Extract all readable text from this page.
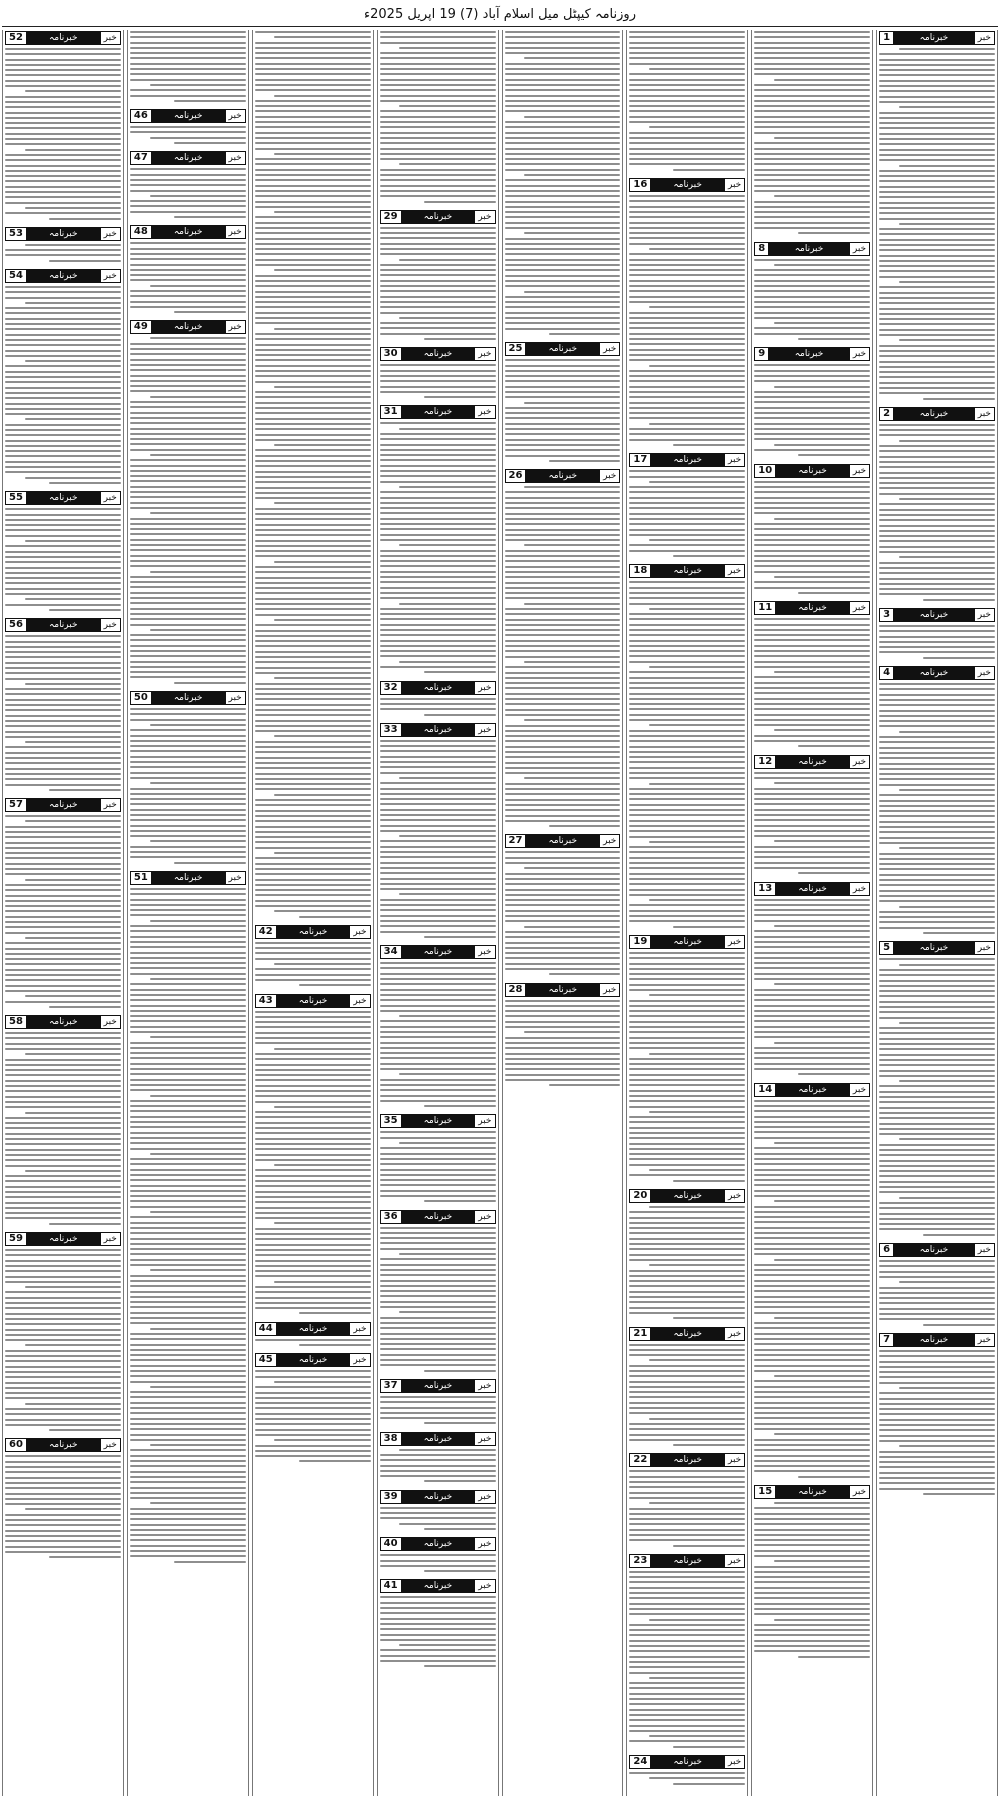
روزنامہ کیپٹل میل اسلام آباد (7) 19 اپریل 2025ء
خبر
خبرنامہ
1
خبر
خبرنامہ
2
خبر
خبرنامہ
3
خبر
خبرنامہ
4
خبر
خبرنامہ
5
خبر
خبرنامہ
6
خبر
خبرنامہ
7
خبر
خبرنامہ
8
خبر
خبرنامہ
9
خبر
خبرنامہ
10
خبر
خبرنامہ
11
خبر
خبرنامہ
12
خبر
خبرنامہ
13
خبر
خبرنامہ
14
خبر
خبرنامہ
15
خبر
خبرنامہ
16
خبر
خبرنامہ
17
خبر
خبرنامہ
18
خبر
خبرنامہ
19
خبر
خبرنامہ
20
خبر
خبرنامہ
21
خبر
خبرنامہ
22
خبر
خبرنامہ
23
خبر
خبرنامہ
24
خبر
خبرنامہ
25
خبر
خبرنامہ
26
خبر
خبرنامہ
27
خبر
خبرنامہ
28
خبر
خبرنامہ
29
خبر
خبرنامہ
30
خبر
خبرنامہ
31
خبر
خبرنامہ
32
خبر
خبرنامہ
33
خبر
خبرنامہ
34
خبر
خبرنامہ
35
خبر
خبرنامہ
36
خبر
خبرنامہ
37
خبر
خبرنامہ
38
خبر
خبرنامہ
39
خبر
خبرنامہ
40
خبر
خبرنامہ
41
خبر
خبرنامہ
42
خبر
خبرنامہ
43
خبر
خبرنامہ
44
خبر
خبرنامہ
45
خبر
خبرنامہ
46
خبر
خبرنامہ
47
خبر
خبرنامہ
48
خبر
خبرنامہ
49
خبر
خبرنامہ
50
خبر
خبرنامہ
51
خبر
خبرنامہ
52
خبر
خبرنامہ
53
خبر
خبرنامہ
54
خبر
خبرنامہ
55
خبر
خبرنامہ
56
خبر
خبرنامہ
57
خبر
خبرنامہ
58
خبر
خبرنامہ
59
خبر
خبرنامہ
60
